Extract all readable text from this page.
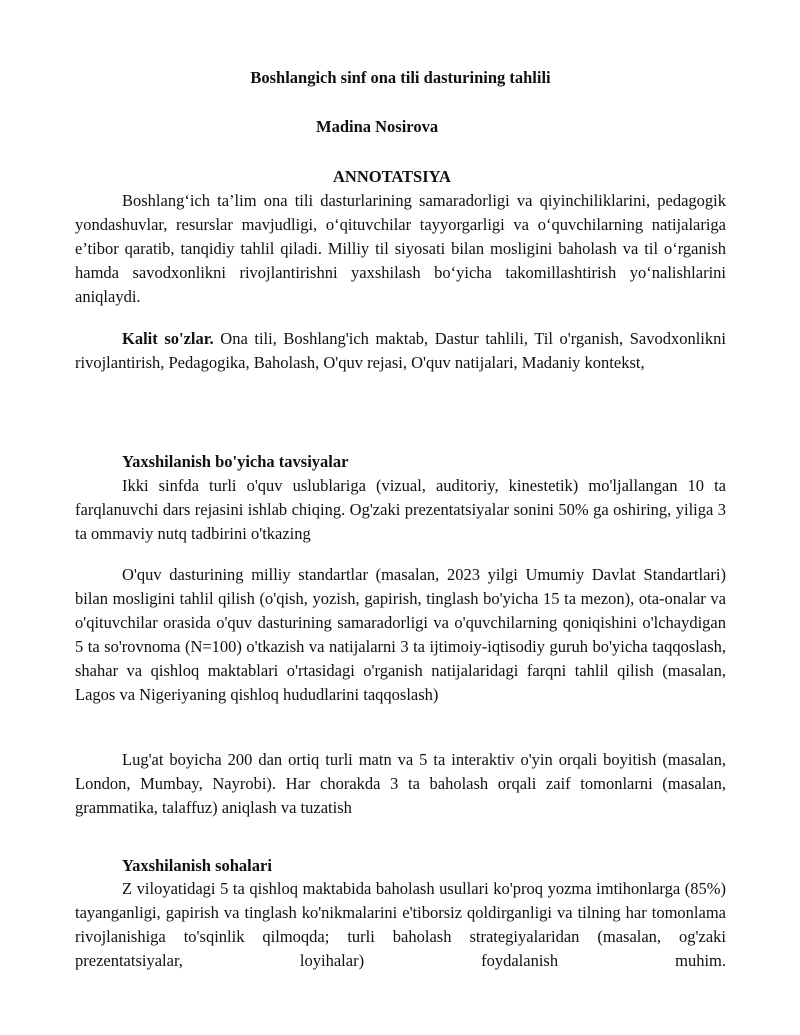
Boshlangich sinf ona tili dasturining tahlili
Madina Nosirova
ANNOTATSIYA
Boshlang‘ich ta’lim ona tili dasturlarining samaradorligi va qiyinchiliklarini, pedagogik yondashuvlar, resurslar mavjudligi, o‘qituvchilar tayyorgarligi va o‘quvchilarning natijalariga e’tibor qaratib, tanqidiy tahlil qiladi. Milliy til siyosati bilan mosligini baholash va til o‘rganish hamda savodxonlikni rivojlantirishni yaxshilash bo‘yicha takomillashtirish yo‘nalishlarini aniqlaydi.
Kalit so'zlar. Ona tili, Boshlang'ich maktab, Dastur tahlili, Til o'rganish, Savodxonlikni rivojlantirish, Pedagogika, Baholash, O'quv rejasi, O'quv natijalari, Madaniy kontekst,
Yaxshilanish bo'yicha tavsiyalar
Ikki sinfda turli o'quv uslublariga (vizual, auditoriy, kinestetik) mo'ljallangan 10 ta farqlanuvchi dars rejasini ishlab chiqing. Og'zaki prezentatsiyalar sonini 50% ga oshiring, yiliga 3 ta ommaviy nutq tadbirini o'tkazing
O'quv dasturining milliy standartlar (masalan, 2023 yilgi Umumiy Davlat Standartlari) bilan mosligini tahlil qilish (o'qish, yozish, gapirish, tinglash bo'yicha 15 ta mezon), ota-onalar va o'qituvchilar orasida o'quv dasturining samaradorligi va o'quvchilarning qoniqishini o'lchaydigan 5 ta so'rovnoma (N=100) o'tkazish va natijalarni 3 ta ijtimoiy-iqtisodiy guruh bo'yicha taqqoslash, shahar va qishloq maktablari o'rtasidagi o'rganish natijalaridagi farqni tahlil qilish (masalan, Lagos va Nigeriyaning qishloq hududlarini taqqoslash)
Lug'at boyicha 200 dan ortiq turli matn va 5 ta interaktiv o'yin orqali boyitish (masalan, London, Mumbay, Nayrobi). Har chorakda 3 ta baholash orqali zaif tomonlarni (masalan, grammatika, talaffuz) aniqlash va tuzatish
Yaxshilanish sohalari
Z viloyatidagi 5 ta qishloq maktabida baholash usullari ko'proq yozma imtihonlarga (85%) tayanganligi, gapirish va tinglash ko'nikmalarini e'tiborsiz qoldirganligi va tilning har tomonlama rivojlanishiga to'sqinlik qilmoqda; turli baholash strategiyalaridan (masalan, og'zaki prezentatsiyalar, loyihalar) foydalanish muhim.
